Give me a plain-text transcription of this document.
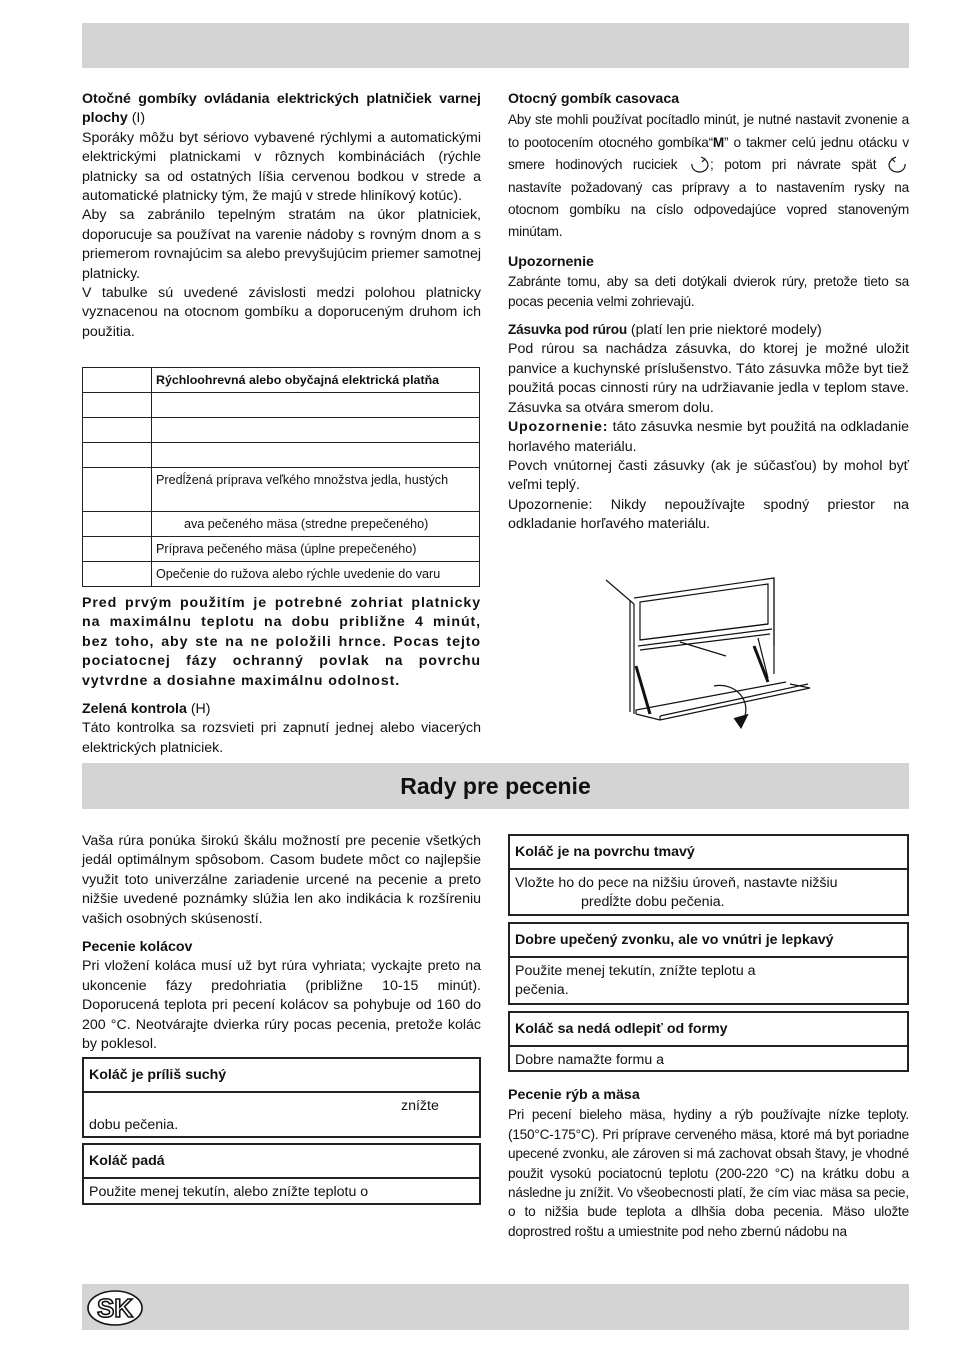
Otočné gombíky ovládania elektrických platničiek varnej plochy (I)

Sporáky môžu byt sériovo vybavené rýchlymi a automatickými elektrickými platnickami v rôznych kombináciách (rýchle platnicky sa od ostatných líšia cervenou bodkou v strede a automatické platnicky tým, že majú v strede hliníkový kotúc).

Aby sa zabránilo tepelným stratám na úkor platniciek, doporucuje sa používat na varenie nádoby s rovným dnom a s priemerom rovnajúcim sa alebo prevyšujúcim priemer samotnej platnicky.

V tabulke sú uvedené závislosti medzi polohou platnicky vyznacenou na otocnom gombíku a doporuceným druhom ich použitia.

	Rýchloohrevná alebo obyčajná elektrická platňa

	Predĺžená príprava veľkého množstva jedla, hustých
	ava pečeného mäsa (stredne prepečeného)
	Príprava pečeného mäsa (úplne prepečeného)
	Opečenie do ružova alebo rýchle uvedenie do varu

Pred prvým použitím je potrebné zohriat platnicky na maximálnu teplotu na dobu približne 4 minút, bez toho, aby ste na ne položili hrnce. Pocas tejto pociatocnej fázy ochranný povlak na povrchu vytvrdne a dosiahne maximálnu odolnost.

Zelená kontrola (H)

Táto kontrolka sa rozsvieti pri zapnutí jednej alebo viacerých elektrických platniciek.

Otocný gombík casovaca

Aby ste mohli používat pocítadlo minút, je nutné nastavit zvonenie a to pootocením otocného gombíka“M” o takmer celú jednu otácku v smere hodinových ruciciek ; potom pri návrate spät  nastavíte požadovaný cas prípravy a to nastavením rysky na otocnom gombíku na císlo odpovedajúce vopred stanoveným minútam.

Upozornenie

Zabránte tomu, aby sa deti dotýkali dvierok rúry, pretože tieto sa pocas pecenia velmi zohrievajú.

Zásuvka pod rúrou (platí len prie niektoré modely)

Pod rúrou sa nachádza zásuvka, do ktorej je možné uložit panvice a kuchynské príslušenstvo. Táto zásuvka môže byt tiež použitá pocas cinnosti rúry na udržiavanie jedla v teplom stave. Zásuvka sa otvára smerom dolu.

Upozornenie: táto zásuvka nesmie byt použitá na odkladanie horlavého materiálu.

Povch vnútornej časti zásuvky (ak je súčasťou) by mohol byť veľmi teplý.

Upozornenie: Nikdy nepoužívajte spodný priestor na odkladanie horľavého materiálu.

Rady pre pecenie

Vaša rúra ponúka širokú škálu možností pre pecenie všetkých jedál optimálnym spôsobom. Casom budete môct co najlepšie využit toto univerzálne zariadenie urcené na pecenie a preto nižšie uvedené poznámky slúžia len ako indikácia k rozšíreniu vašich osobných skúseností.

Pecenie kolácov

Pri vložení koláca musí už byt rúra vyhriata; vyckajte preto na ukoncenie fázy predohriatia (približne 10-15 minút). Doporucená teplota pri pecení kolácov sa pohybuje od 160 do 200 °C. Neotvárajte dvierka rúry pocas pecenia, pretože kolác by poklesol.

Koláč je príliš suchý
znížte
dobu pečenia.
Koláč padá
Použite menej tekutín, alebo znížte teplotu o
Koláč je na povrchu tmavý
Vložte ho do pece na nižšiu úroveň, nastavte nižšiu
predĺžte dobu pečenia.
Dobre upečený zvonku, ale vo vnútri je lepkavý
Použite menej tekutín, znížte teplotu a
pečenia.
Koláč sa nedá odlepiť od formy
Dobre namažte formu a

Pecenie rýb a mäsa

Pri pecení bieleho mäsa, hydiny a rýb používajte nízke teploty. (150°C-175°C). Pri príprave cerveného mäsa, ktoré má byt poriadne upecené zvonku, ale zároven si má zachovat obsah štavy, je vhodné použit vysokú pociatocnú teplotu (200-220 °C) na krátku dobu a následne ju znížit. Vo všeobecnosti platí, že cím viac mäsa sa pecie, o to nižšia bude teplota a dlhšia doba pecenia. Mäso uložte doprostred roštu a umiestnite pod neho zbernú nádobu na

SK
